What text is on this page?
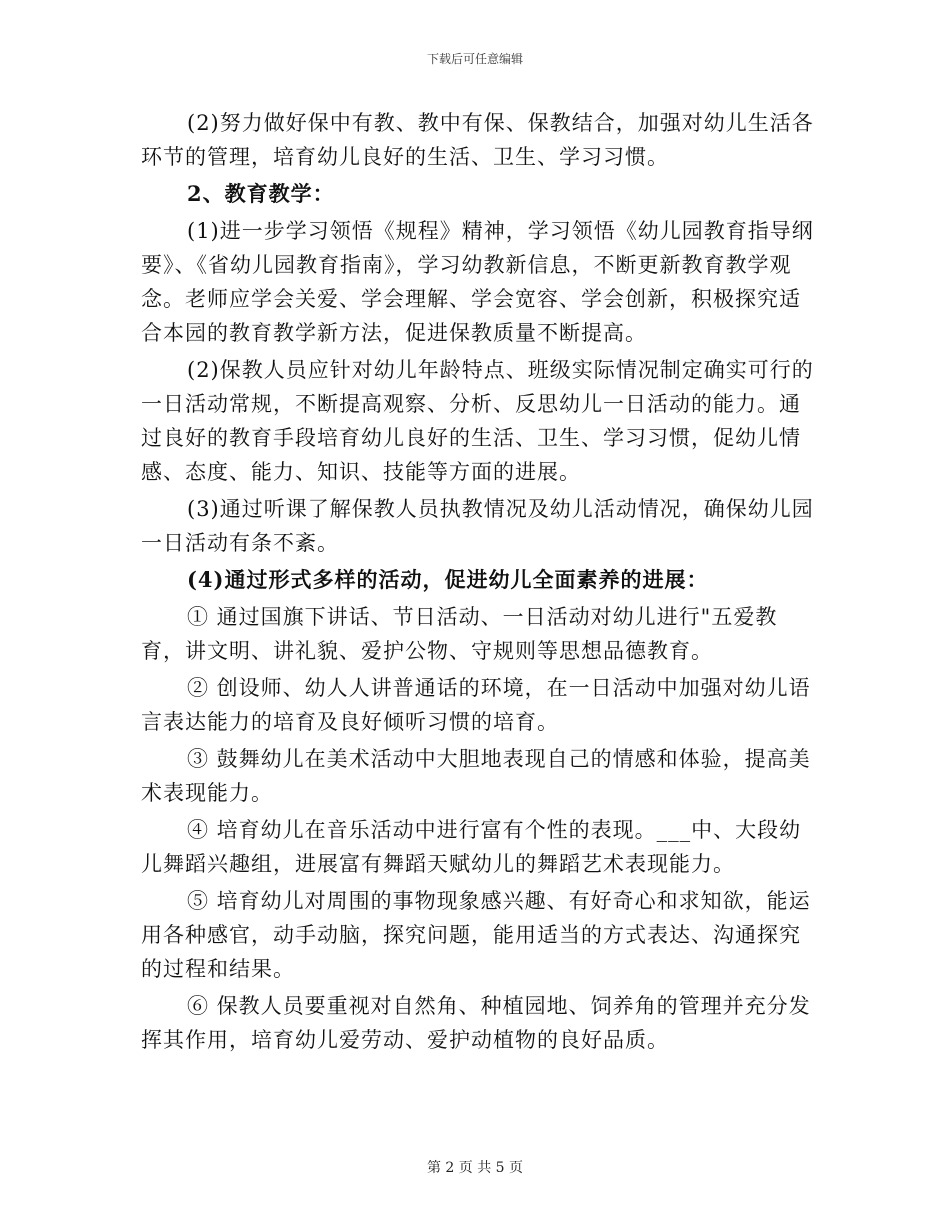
下载后可任意编辑

(2)努力做好保中有教、教中有保、保教结合，加强对幼儿生活各环节的管理，培育幼儿良好的生活、卫生、学习习惯。

2、教育教学：

(1)进一步学习领悟《规程》精神，学习领悟《幼儿园教育指导纲要》、《省幼儿园教育指南》，学习幼教新信息，不断更新教育教学观念。老师应学会关爱、学会理解、学会宽容、学会创新，积极探究适合本园的教育教学新方法，促进保教质量不断提高。

(2)保教人员应针对幼儿年龄特点、班级实际情况制定确实可行的一日活动常规，不断提高观察、分析、反思幼儿一日活动的能力。通过良好的教育手段培育幼儿良好的生活、卫生、学习习惯，促幼儿情感、态度、能力、知识、技能等方面的进展。

(3)通过听课了解保教人员执教情况及幼儿活动情况，确保幼儿园一日活动有条不紊。

(4)通过形式多样的活动，促进幼儿全面素养的进展：

① 通过国旗下讲话、节日活动、一日活动对幼儿进行"五爱教育，讲文明、讲礼貌、爱护公物、守规则等思想品德教育。

② 创设师、幼人人讲普通话的环境，在一日活动中加强对幼儿语言表达能力的培育及良好倾听习惯的培育。

③ 鼓舞幼儿在美术活动中大胆地表现自己的情感和体验，提高美术表现能力。

④ 培育幼儿在音乐活动中进行富有个性的表现。___中、大段幼儿舞蹈兴趣组，进展富有舞蹈天赋幼儿的舞蹈艺术表现能力。

⑤ 培育幼儿对周围的事物现象感兴趣、有好奇心和求知欲，能运用各种感官，动手动脑，探究问题，能用适当的方式表达、沟通探究的过程和结果。

⑥ 保教人员要重视对自然角、种植园地、饲养角的管理并充分发挥其作用，培育幼儿爱劳动、爱护动植物的良好品质。

第 2 页 共 5 页
